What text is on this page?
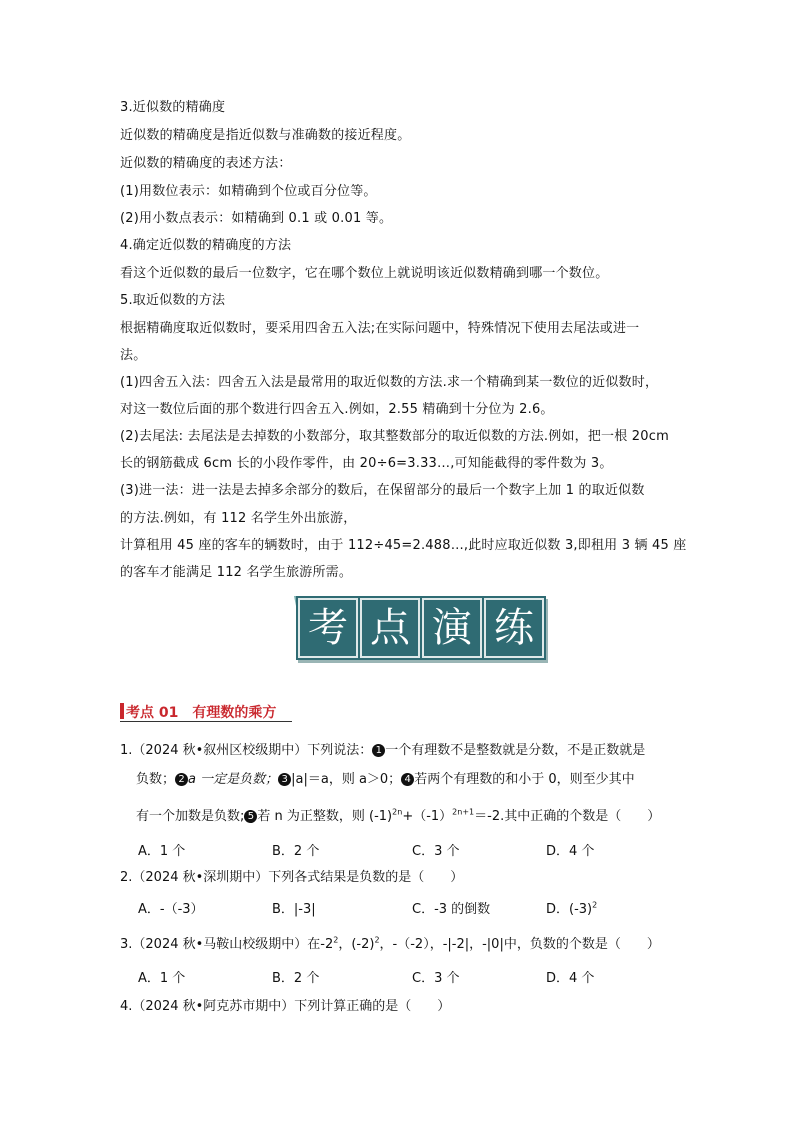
3.近似数的精确度
近似数的精确度是指近似数与准确数的接近程度。
近似数的精确度的表述方法：
(1)用数位表示：如精确到个位或百分位等。
(2)用小数点表示：如精确到 0.1 或 0.01 等。
4.确定近似数的精确度的方法
看这个近似数的最后一位数字，它在哪个数位上就说明该近似数精确到哪一个数位。
5.取近似数的方法
根据精确度取近似数时，要采用四舍五入法;在实际问题中，特殊情况下使用去尾法或进一
法。
(1)四舍五入法：四舍五入法是最常用的取近似数的方法.求一个精确到某一数位的近似数时，
对这一数位后面的那个数进行四舍五入.例如，2.55 精确到十分位为 2.6。
(2)去尾法: 去尾法是去掉数的小数部分，取其整数部分的取近似数的方法.例如，把一根 20cm
长的钢筋截成 6cm 长的小段作零件，由 20÷6=3.33…,可知能截得的零件数为 3。
(3)进一法：进一法是去掉多余部分的数后，在保留部分的最后一个数字上加 1 的取近似数
的方法.例如，有 112 名学生外出旅游，
计算租用 45 座的客车的辆数时，由于 112÷45=2.488…,此时应取近似数 3,即租用 3 辆 45 座
的客车才能满足 112 名学生旅游所需。
考 点 演 练
考点 01　有理数的乘方
1.（2024 秋•叙州区校级期中）下列说法： 1 一个有理数不是整数就是分数，不是正数就是
负数； 2 a 一定是负数； 3 |a|＝a，则 a＞0； 4 若两个有理数的和小于 0，则至少其中
有一个加数是负数; 5 若 n 为正整数，则 $(-1)^{2n}+(-1)^{2n+1}=-2$.其中正确的个数是（　　）
A．1 个	B．2 个	C．3 个	D．4 个
2.（2024 秋•深圳期中）下列各式结果是负数的是（　　）
A．-（-3）	B．|-3|	C．-3 的倒数	D．$(-3)^2$
3.（2024 秋•马鞍山校级期中）在$-2^2$，$(-2)^2$，-（-2），-|-2|，-|0|中，负数的个数是（　　）
A．1 个	B．2 个	C．3 个	D．4 个
4.（2024 秋•阿克苏市期中）下列计算正确的是（　　）
